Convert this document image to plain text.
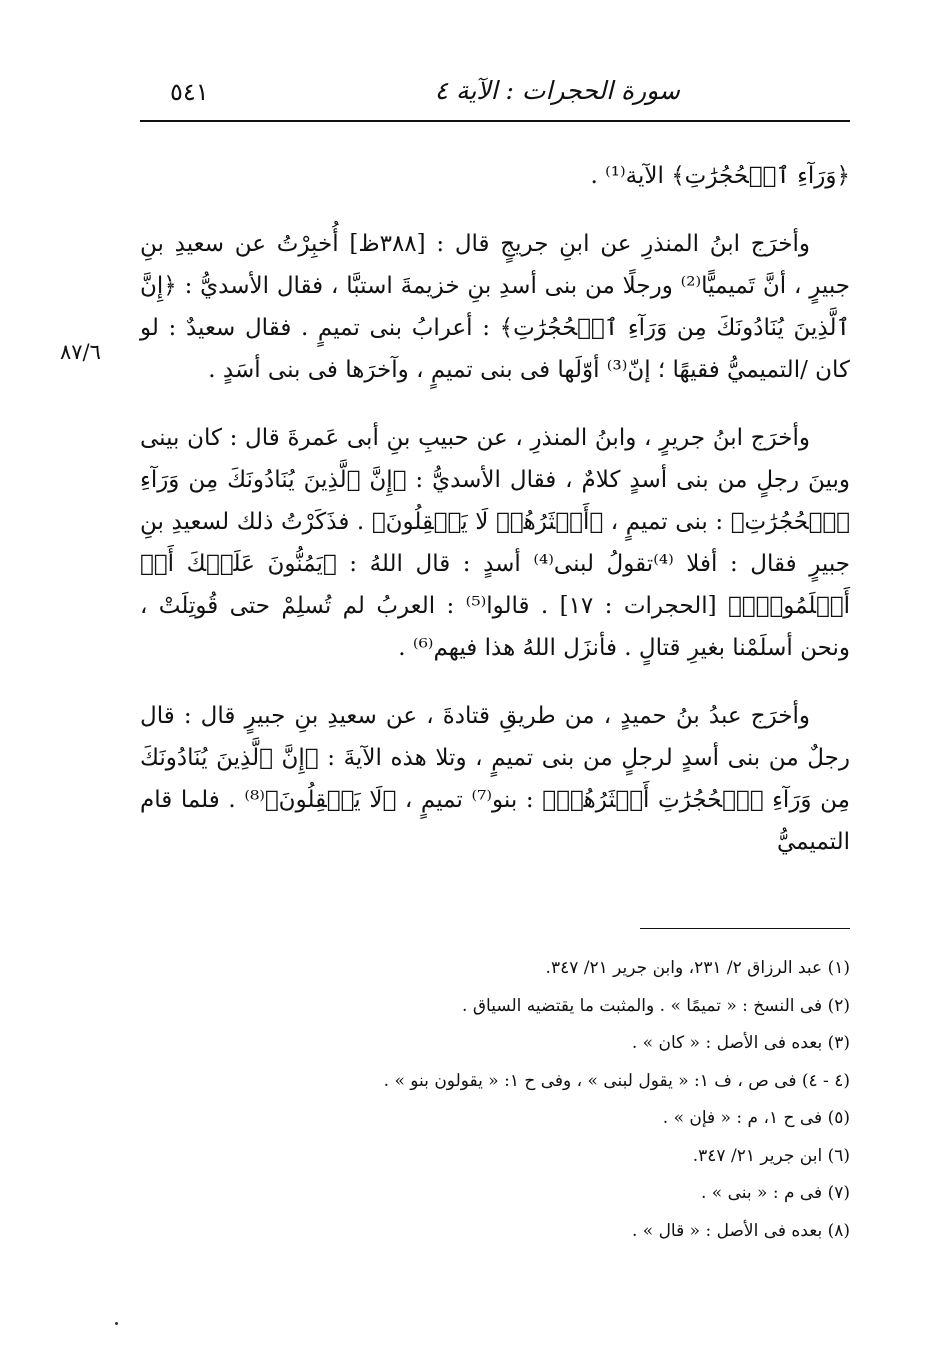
سورة الحجرات : الآية ٤
٥٤١
٨٧/٦

﴿وَرَآءِ ٱلۡحُجُرَٰتِ﴾ الآية⁽¹⁾ .

وأخرَج ابنُ المنذرِ عن ابنِ جريجٍ قال : [٣٨٨ظ] أُخبِرْتُ عن سعيدِ بنِ جبيرٍ ، أنَّ تَميميًّا⁽²⁾ ورجلًا من بنى أسدِ بنِ خزيمةَ استبَّا ، فقال الأسديُّ : ﴿إِنَّ ٱلَّذِينَ يُنَادُونَكَ مِن وَرَآءِ ٱلۡحُجُرَٰتِ﴾ : أعرابُ بنى تميمٍ . فقال سعيدٌ : لو كان /التميميُّ فقيهًا ؛ إنّ⁽³⁾ أوّلَها فى بنى تميمٍ ، وآخرَها فى بنى أسَدٍ .

وأخرَج ابنُ جريرٍ ، وابنُ المنذرِ ، عن حبيبِ بنِ أبى عَمرةَ قال : كان بينى وبينَ رجلٍ من بنى أسدٍ كلامٌ ، فقال الأسديُّ : ﴿إِنَّ ٱلَّذِينَ يُنَادُونَكَ مِن وَرَآءِ ٱلۡحُجُرَٰتِ﴾ : بنى تميمٍ ، ﴿أَكۡثَرُهُمۡ لَا يَعۡقِلُونَ﴾ . فذَكَرْتُ ذلك لسعيدِ بنِ جبيرٍ فقال : أفلا ⁽⁴⁾تقولُ لبنى⁽⁴⁾ أسدٍ : قال اللهُ : ﴿يَمُنُّونَ عَلَيۡكَ أَنۡ أَسۡلَمُواْۖ﴾ [الحجرات : ١٧] . قالوا⁽⁵⁾ : العربُ لم تُسلِمْ حتى قُوتِلَتْ ، ونحن أسلَمْنا بغيرِ قتالٍ . فأنزَل اللهُ هذا فيهم⁽⁶⁾ .

وأخرَج عبدُ بنُ حميدٍ ، من طريقِ قتادةَ ، عن سعيدِ بنِ جبيرٍ قال : قال رجلٌ من بنى أسدٍ لرجلٍ من بنى تميمٍ ، وتلا هذه الآيةَ : ﴿إِنَّ ٱلَّذِينَ يُنَادُونَكَ مِن وَرَآءِ ٱلۡحُجُرَٰتِ أَكۡثَرُهُمۡ﴾ : بنو⁽⁷⁾ تميمٍ ، ﴿لَا يَعۡقِلُونَ﴾⁽⁸⁾ . فلما قام التميميُّ

(١) عبد الرزاق ٢/ ٢٣١، وابن جرير ٢١/ ٣٤٧.
(٢) فى النسخ : « تميمًا » . والمثبت ما يقتضيه السياق .
(٣) بعده فى الأصل : « كان » .
(٤ - ٤) فى ص ، ف ١: « يقول لبنى » ، وفى ح ١: « يقولون بنو » .
(٥) فى ح ١، م : « فإن » .
(٦) ابن جرير ٢١/ ٣٤٧.
(٧) فى م : « بنى » .
(٨) بعده فى الأصل : « قال » .
